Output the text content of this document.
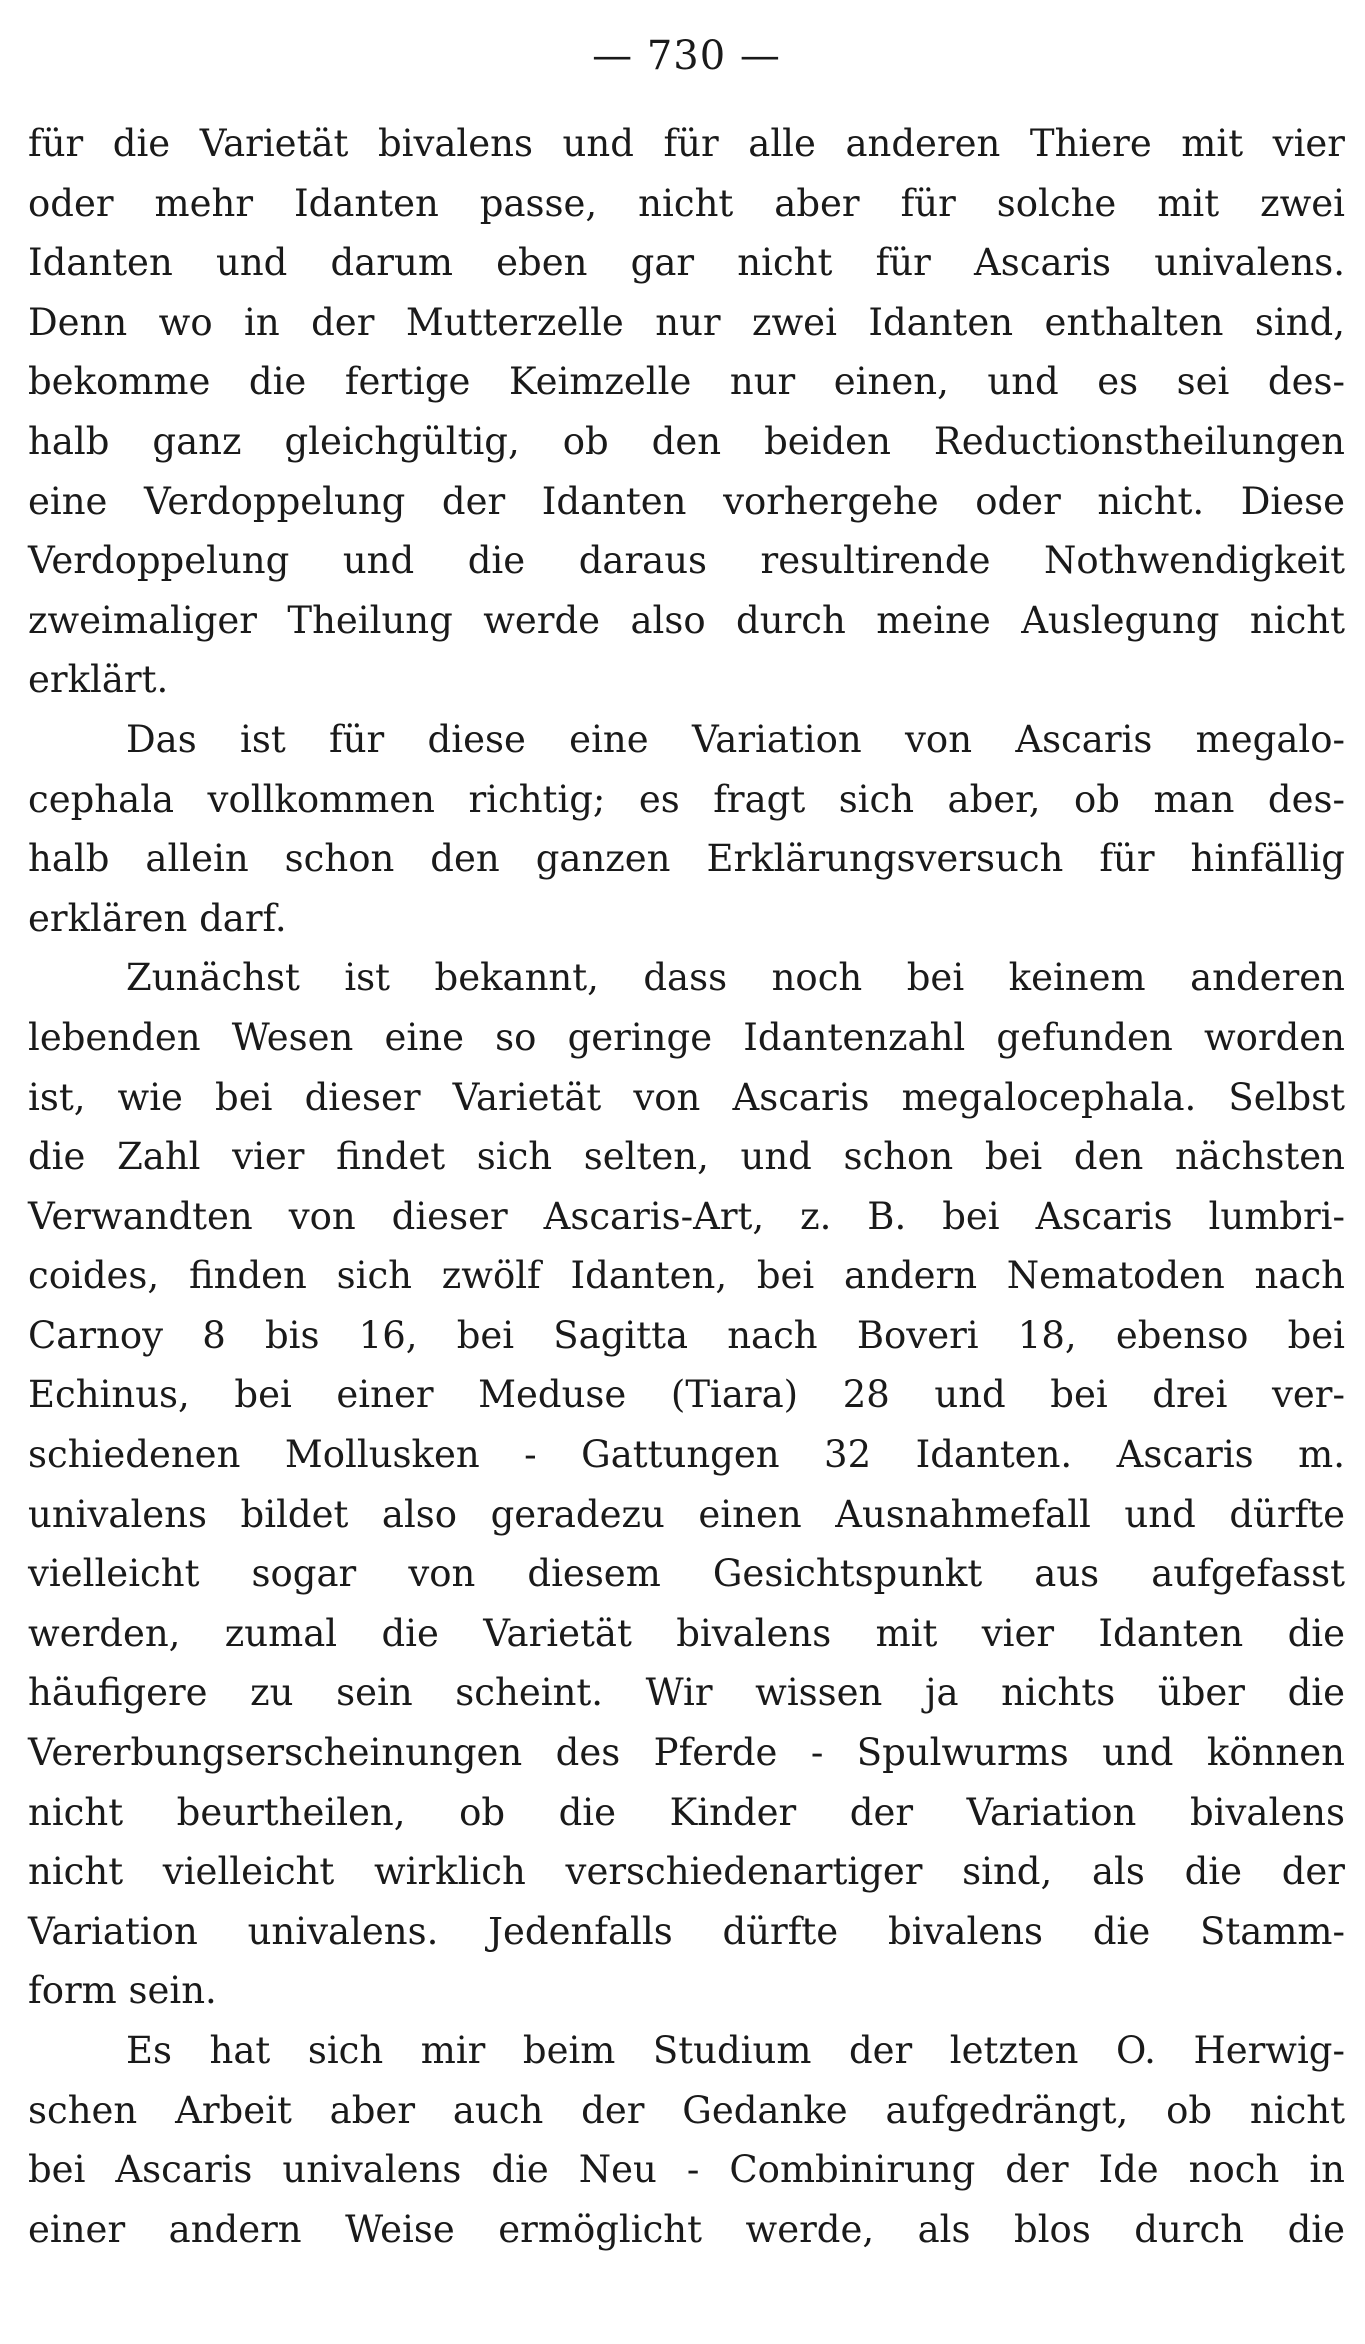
— 730 —

für die Varietät bivalens und für alle anderen Thiere mit vier
oder mehr Idanten passe, nicht aber für solche mit zwei
Idanten und darum eben gar nicht für Ascaris univalens.
Denn wo in der Mutterzelle nur zwei Idanten enthalten sind,
bekomme die fertige Keimzelle nur einen, und es sei des-
halb ganz gleichgültig, ob den beiden Reductionstheilungen
eine Verdoppelung der Idanten vorhergehe oder nicht. Diese
Verdoppelung und die daraus resultirende Nothwendigkeit
zweimaliger Theilung werde also durch meine Auslegung nicht
erklärt.

Das ist für diese eine Variation von Ascaris megalo-
cephala vollkommen richtig; es fragt sich aber, ob man des-
halb allein schon den ganzen Erklärungsversuch für hinfällig
erklären darf.

Zunächst ist bekannt, dass noch bei keinem anderen
lebenden Wesen eine so geringe Idantenzahl gefunden worden
ist, wie bei dieser Varietät von Ascaris megalocephala. Selbst
die Zahl vier findet sich selten, und schon bei den nächsten
Verwandten von dieser Ascaris-Art, z. B. bei Ascaris lumbri-
coides, finden sich zwölf Idanten, bei andern Nematoden nach
Carnoy 8 bis 16, bei Sagitta nach Boveri 18, ebenso bei
Echinus, bei einer Meduse (Tiara) 28 und bei drei ver-
schiedenen Mollusken - Gattungen 32 Idanten. Ascaris m.
univalens bildet also geradezu einen Ausnahmefall und dürfte
vielleicht sogar von diesem Gesichtspunkt aus aufgefasst
werden, zumal die Varietät bivalens mit vier Idanten die
häufigere zu sein scheint. Wir wissen ja nichts über die
Vererbungserscheinungen des Pferde - Spulwurms und können
nicht beurtheilen, ob die Kinder der Variation bivalens
nicht vielleicht wirklich verschiedenartiger sind, als die der
Variation univalens. Jedenfalls dürfte bivalens die Stamm-
form sein.

Es hat sich mir beim Studium der letzten O. Herwig-
schen Arbeit aber auch der Gedanke aufgedrängt, ob nicht
bei Ascaris univalens die Neu - Combinirung der Ide noch in
einer andern Weise ermöglicht werde, als blos durch die
